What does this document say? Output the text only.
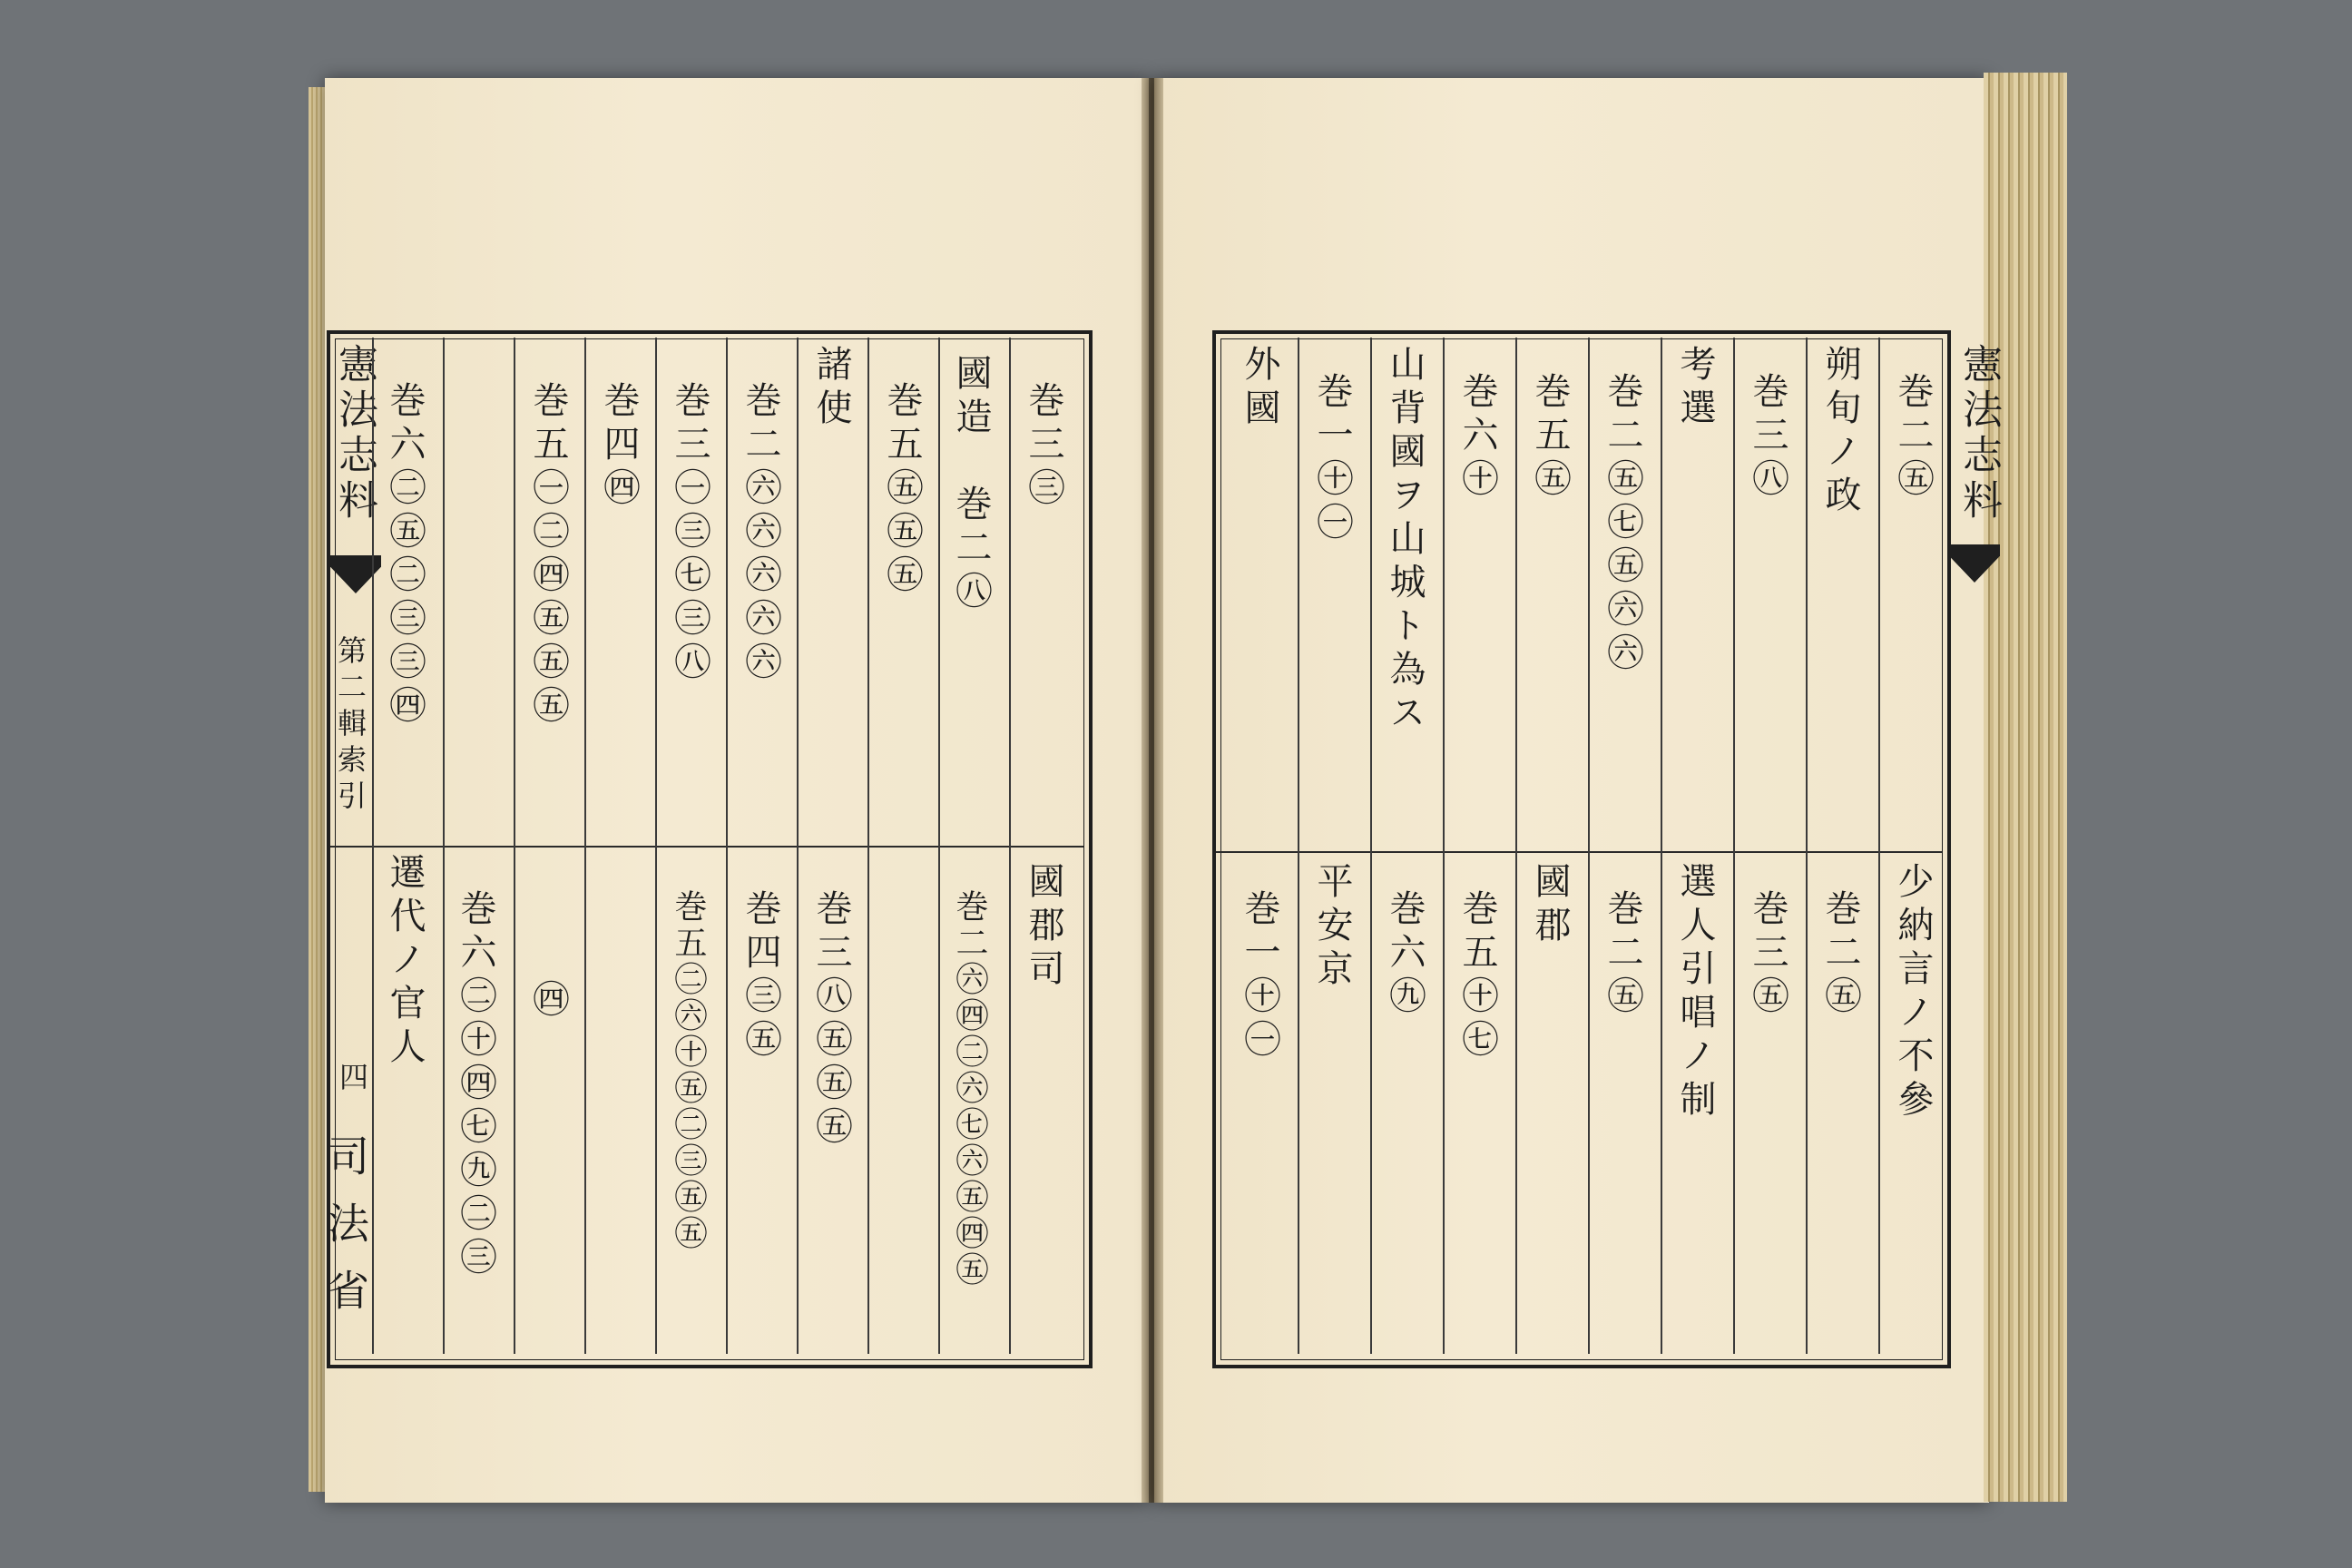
憲法志料
第二輯索引
四
司法省
巻三㊂
國造　巻二㊇
巻五㊄㊄㊄
諸使
巻二㊅㊅㊅㊅㊅
巻三㊀㊂㊆㊂㊇
巻四㊃
巻五㊀㊁㊃㊄㊄㊄
巻六㊁㊄㊁㊂㊂㊃
國郡司
巻二㊅㊃㊁㊅㊆㊅㊄㊃㊄
巻三㊇㊄㊄㊄
巻四㊂㊄
巻五㊁㊅㊉㊄㊁㊂㊄㊄
㊃
巻六㊁㊉㊃㊆㊈㊁㊂
遷代ノ官人
憲法志料
巻二㊄
朔旬ノ政
巻三㊇
考選
巻二㊄㊆㊄㊅㊅
巻五㊄
巻六㊉
山背國ヲ山城ト為ス
巻一㊉㊀
外國
少納言ノ不參
巻二㊄
巻三㊄
選人引唱ノ制
巻二㊄
國郡
巻五㊉㊆
巻六㊈
平安京
巻一㊉㊀
